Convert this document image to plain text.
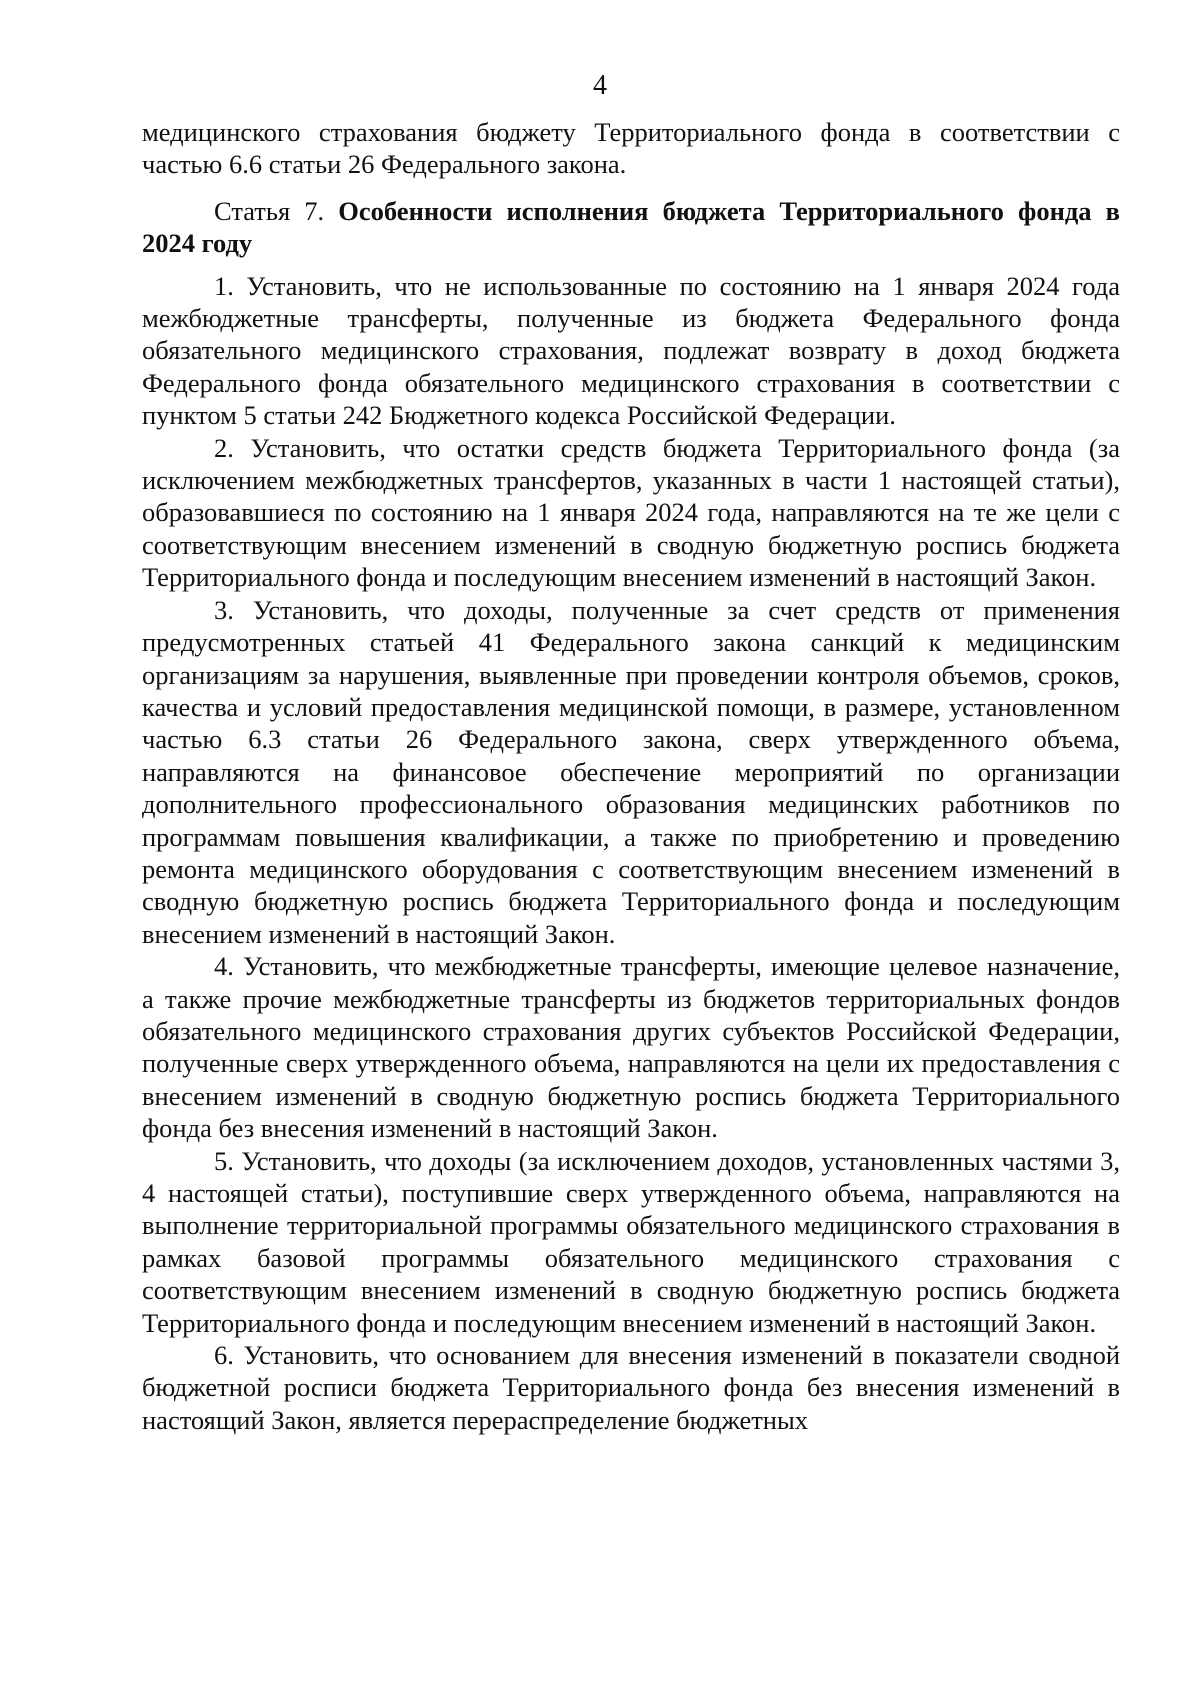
4

медицинского страхования бюджету Территориального фонда в соответствии с частью 6.6 статьи 26 Федерального закона.

Статья 7. Особенности исполнения бюджета Территориального фонда в 2024 году

1. Установить, что не использованные по состоянию на 1 января 2024 года межбюджетные трансферты, полученные из бюджета Федерального фонда обязательного медицинского страхования, подлежат возврату в доход бюджета Федерального фонда обязательного медицинского страхования в соответствии с пунктом 5 статьи 242 Бюджетного кодекса Российской Федерации.

2. Установить, что остатки средств бюджета Территориального фонда (за исключением межбюджетных трансфертов, указанных в части 1 настоящей статьи), образовавшиеся по состоянию на 1 января 2024 года, направляются на те же цели с соответствующим внесением изменений в сводную бюджетную роспись бюджета Территориального фонда и последующим внесением изменений в настоящий Закон.

3. Установить, что доходы, полученные за счет средств от применения предусмотренных статьей 41 Федерального закона санкций к медицинским организациям за нарушения, выявленные при проведении контроля объемов, сроков, качества и условий предоставления медицинской помощи, в размере, установленном частью 6.3 статьи 26 Федерального закона, сверх утвержденного объема, направляются на финансовое обеспечение мероприятий по организации дополнительного профессионального образования медицинских работников по программам повышения квалификации, а также по приобретению и проведению ремонта медицинского оборудования с соответствующим внесением изменений в сводную бюджетную роспись бюджета Территориального фонда и последующим внесением изменений в настоящий Закон.

4. Установить, что межбюджетные трансферты, имеющие целевое назначение, а также прочие межбюджетные трансферты из бюджетов территориальных фондов обязательного медицинского страхования других субъектов Российской Федерации, полученные сверх утвержденного объема, направляются на цели их предоставления с внесением изменений в сводную бюджетную роспись бюджета Территориального фонда без внесения изменений в настоящий Закон.

5. Установить, что доходы (за исключением доходов, установленных частями 3, 4 настоящей статьи), поступившие сверх утвержденного объема, направляются на выполнение территориальной программы обязательного медицинского страхования в рамках базовой программы обязательного медицинского страхования с соответствующим внесением изменений в сводную бюджетную роспись бюджета Территориального фонда и последующим внесением изменений в настоящий Закон.

6. Установить, что основанием для внесения изменений в показатели сводной бюджетной росписи бюджета Территориального фонда без внесения изменений в настоящий Закон, является перераспределение бюджетных
